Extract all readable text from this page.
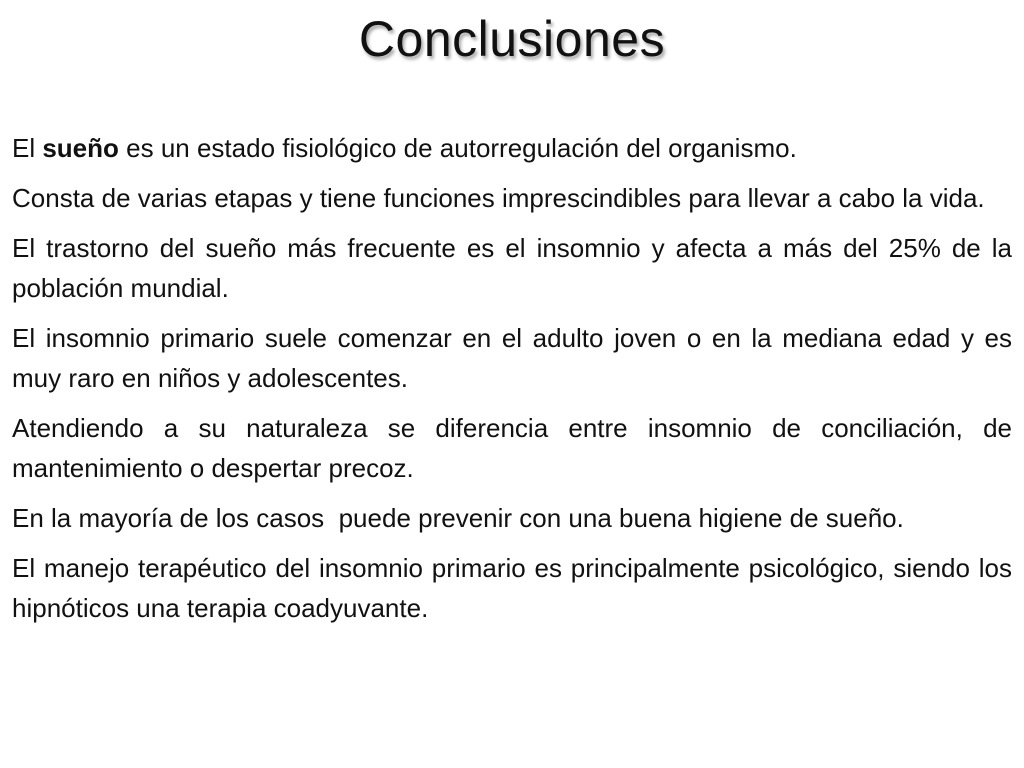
Conclusiones

El sueño es un estado fisiológico de autorregulación del organismo.

Consta de varias etapas y tiene funciones imprescindibles para llevar a cabo la vida.

El trastorno del sueño más frecuente es el insomnio y afecta a más del 25% de la población mundial.

El insomnio primario suele comenzar en el adulto joven o en la mediana edad y es muy raro en niños y adolescentes.

Atendiendo a su naturaleza se diferencia entre insomnio de conciliación, de mantenimiento o despertar precoz.

En la mayoría de los casos  puede prevenir con una buena higiene de sueño.

El manejo terapéutico del insomnio primario es principalmente psicológico, siendo los hipnóticos una terapia coadyuvante.
